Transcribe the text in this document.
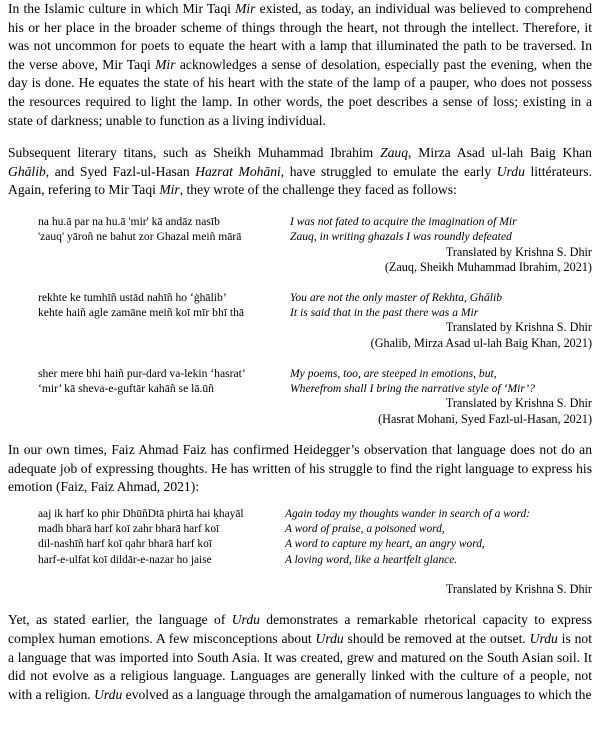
In the Islamic culture in which Mir Taqi Mir existed, as today, an individual was believed to comprehend his or her place in the broader scheme of things through the heart, not through the intellect. Therefore, it was not uncommon for poets to equate the heart with a lamp that illuminated the path to be traversed. In the verse above, Mir Taqi Mir acknowledges a sense of desolation, especially past the evening, when the day is done. He equates the state of his heart with the state of the lamp of a pauper, who does not possess the resources required to light the lamp. In other words, the poet describes a sense of loss; existing in a state of darkness; unable to function as a living individual.

Subsequent literary titans, such as Sheikh Muhammad Ibrahim Zauq, Mirza Asad ul-lah Baig Khan Ghālib, and Syed Fazl-ul-Hasan Hazrat Mohāni, have struggled to emulate the early Urdu littérateurs. Again, refering to Mir Taqi Mir, they wrote of the challenge they faced as follows:

na hu.ā par na hu.ā 'mir' kā andāz nasīb
'zauq' yāroñ ne bahut zor Ghazal meiñ mārā
I was not fated to acquire the imagination of Mir
Zauq, in writing ghazals I was roundly defeated
Translated by Krishna S. Dhir
(Zauq, Sheikh Muhammad Ibrahim, 2021)
rekhte ke tumhīñ ustād nahīñ ho ‘ġhālib’
kehte haiñ agle zamāne meiñ koī mīr bhī thā
You are not the only master of Rekhta, Ghālib
It is said that in the past there was a Mir
Translated by Krishna S. Dhir
(Ghalib, Mirza Asad ul-lah Baig Khan, 2021)
sher mere bhi haiñ pur-dard va-lekin ‘hasrat’
‘mir’ kā sheva-e-guftār kahāñ se lā.ūñ
My poems, too, are steeped in emotions, but,
Wherefrom shall I bring the narrative style of ‘Mir’?
Translated by Krishna S. Dhir
(Hasrat Mohani, Syed Fazl-ul-Hasan, 2021)

In our own times, Faiz Ahmad Faiz has confirmed Heidegger’s observation that language does not do an adequate job of expressing thoughts. He has written of his struggle to find the right language to express his emotion (Faiz, Faiz Ahmad, 2021):

aaj ik harf ko phir DhūñDtā phirtā hai ḳhayāl
madh bharā harf koī zahr bharā harf koī
dil-nashīñ harf koī qahr bharā harf koī
harf-e-ulfat koī dildār-e-nazar ho jaise
Again today my thoughts wander in search of a word:
A word of praise, a poisoned word,
A word to capture my heart, an angry word,
A loving word, like a heartfelt glance.
Translated by Krishna S. Dhir

Yet, as stated earlier, the language of Urdu demonstrates a remarkable rhetorical capacity to express complex human emotions. A few misconceptions about Urdu should be removed at the outset. Urdu is not a language that was imported into South Asia. It was created, grew and matured on the South Asian soil. It did not evolve as a religious language. Languages are generally linked with the culture of a people, not with a religion. Urdu evolved as a language through the amalgamation of numerous languages to which the
